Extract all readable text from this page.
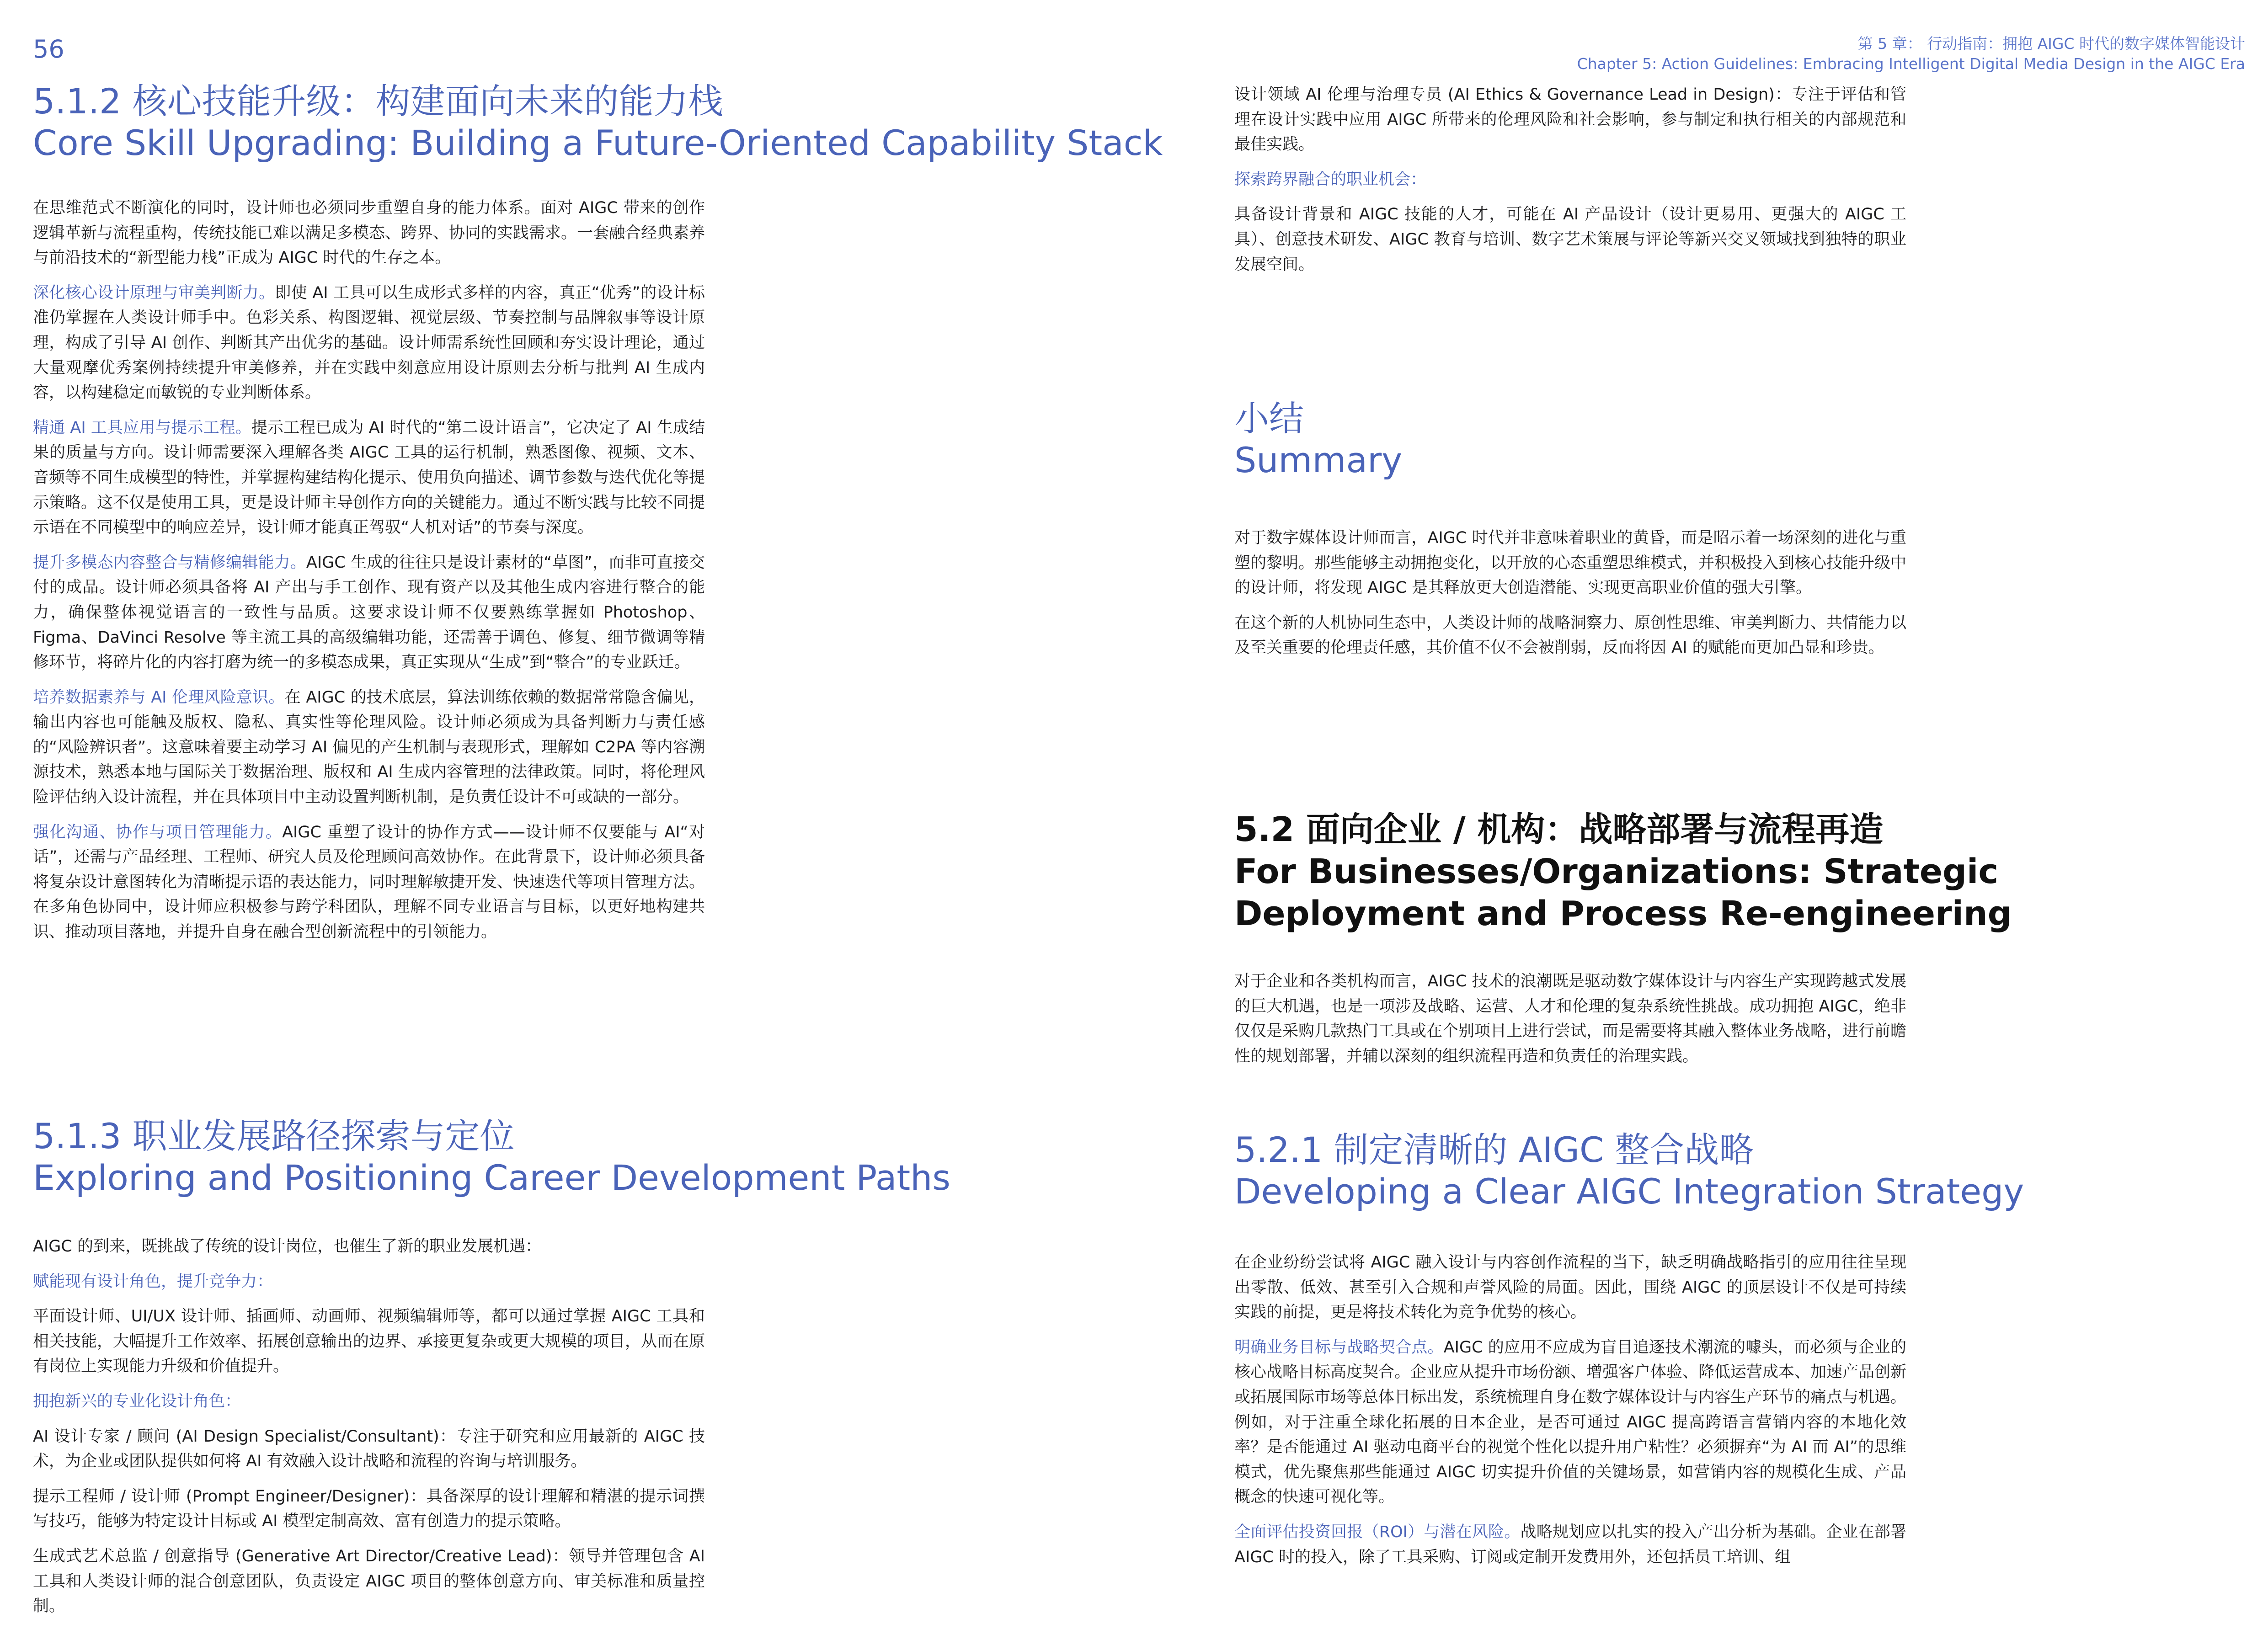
56	第 5 章： 行动指南：拥抱 AIGC 时代的数字媒体智能设计
Chapter 5: Action Guidelines: Embracing Intelligent Digital Media Design in the AIGC Era
5.1.2 核心技能升级：构建面向未来的能力栈
Core Skill Upgrading: Building a Future-Oriented Capability Stack

在思维范式不断演化的同时，设计师也必须同步重塑自身的能力体系。面对 AIGC 带来的创作逻辑革新与流程重构，传统技能已难以满足多模态、跨界、协同的实践需求。一套融合经典素养与前沿技术的“新型能力栈”正成为 AIGC 时代的生存之本。

深化核心设计原理与审美判断力。即使 AI 工具可以生成形式多样的内容，真正“优秀”的设计标准仍掌握在人类设计师手中。色彩关系、构图逻辑、视觉层级、节奏控制与品牌叙事等设计原理，构成了引导 AI 创作、判断其产出优劣的基础。设计师需系统性回顾和夯实设计理论，通过大量观摩优秀案例持续提升审美修养，并在实践中刻意应用设计原则去分析与批判 AI 生成内容，以构建稳定而敏锐的专业判断体系。

精通 AI 工具应用与提示工程。提示工程已成为 AI 时代的“第二设计语言”，它决定了 AI 生成结果的质量与方向。设计师需要深入理解各类 AIGC 工具的运行机制，熟悉图像、视频、文本、音频等不同生成模型的特性，并掌握构建结构化提示、使用负向描述、调节参数与迭代优化等提示策略。这不仅是使用工具，更是设计师主导创作方向的关键能力。通过不断实践与比较不同提示语在不同模型中的响应差异，设计师才能真正驾驭“人机对话”的节奏与深度。

提升多模态内容整合与精修编辑能力。AIGC 生成的往往只是设计素材的“草图”，而非可直接交付的成品。设计师必须具备将 AI 产出与手工创作、现有资产以及其他生成内容进行整合的能力，确保整体视觉语言的一致性与品质。这要求设计师不仅要熟练掌握如 Photoshop、Figma、DaVinci Resolve 等主流工具的高级编辑功能，还需善于调色、修复、细节微调等精修环节，将碎片化的内容打磨为统一的多模态成果，真正实现从“生成”到“整合”的专业跃迁。

培养数据素养与 AI 伦理风险意识。在 AIGC 的技术底层，算法训练依赖的数据常常隐含偏见，输出内容也可能触及版权、隐私、真实性等伦理风险。设计师必须成为具备判断力与责任感的“风险辨识者”。这意味着要主动学习 AI 偏见的产生机制与表现形式，理解如 C2PA 等内容溯源技术，熟悉本地与国际关于数据治理、版权和 AI 生成内容管理的法律政策。同时，将伦理风险评估纳入设计流程，并在具体项目中主动设置判断机制，是负责任设计不可或缺的一部分。

强化沟通、协作与项目管理能力。AIGC 重塑了设计的协作方式——设计师不仅要能与 AI“对话”，还需与产品经理、工程师、研究人员及伦理顾问高效协作。在此背景下，设计师必须具备将复杂设计意图转化为清晰提示语的表达能力，同时理解敏捷开发、快速迭代等项目管理方法。在多角色协同中，设计师应积极参与跨学科团队，理解不同专业语言与目标，以更好地构建共识、推动项目落地，并提升自身在融合型创新流程中的引领能力。

5.1.3 职业发展路径探索与定位
Exploring and Positioning Career Development Paths

AIGC 的到来，既挑战了传统的设计岗位，也催生了新的职业发展机遇：

赋能现有设计角色，提升竞争力：

平面设计师、UI/UX 设计师、插画师、动画师、视频编辑师等，都可以通过掌握 AIGC 工具和相关技能，大幅提升工作效率、拓展创意输出的边界、承接更复杂或更大规模的项目，从而在原有岗位上实现能力升级和价值提升。

拥抱新兴的专业化设计角色：

AI 设计专家 / 顾问 (AI Design Specialist/Consultant)：专注于研究和应用最新的 AIGC 技术，为企业或团队提供如何将 AI 有效融入设计战略和流程的咨询与培训服务。

提示工程师 / 设计师 (Prompt Engineer/Designer)：具备深厚的设计理解和精湛的提示词撰写技巧，能够为特定设计目标或 AI 模型定制高效、富有创造力的提示策略。

生成式艺术总监 / 创意指导 (Generative Art Director/Creative Lead)：领导并管理包含 AI 工具和人类设计师的混合创意团队，负责设定 AIGC 项目的整体创意方向、审美标准和质量控制。

设计领域 AI 伦理与治理专员 (AI Ethics & Governance Lead in Design)：专注于评估和管理在设计实践中应用 AIGC 所带来的伦理风险和社会影响，参与制定和执行相关的内部规范和最佳实践。

探索跨界融合的职业机会：

具备设计背景和 AIGC 技能的人才，可能在 AI 产品设计（设计更易用、更强大的 AIGC 工具）、创意技术研发、AIGC 教育与培训、数字艺术策展与评论等新兴交叉领域找到独特的职业发展空间。

小结
Summary

对于数字媒体设计师而言，AIGC 时代并非意味着职业的黄昏，而是昭示着一场深刻的进化与重塑的黎明。那些能够主动拥抱变化，以开放的心态重塑思维模式，并积极投入到核心技能升级中的设计师，将发现 AIGC 是其释放更大创造潜能、实现更高职业价值的强大引擎。

在这个新的人机协同生态中，人类设计师的战略洞察力、原创性思维、审美判断力、共情能力以及至关重要的伦理责任感，其价值不仅不会被削弱，反而将因 AI 的赋能而更加凸显和珍贵。

5.2 面向企业 / 机构：战略部署与流程再造
For Businesses/Organizations: Strategic Deployment and Process Re-engineering

对于企业和各类机构而言，AIGC 技术的浪潮既是驱动数字媒体设计与内容生产实现跨越式发展的巨大机遇，也是一项涉及战略、运营、人才和伦理的复杂系统性挑战。成功拥抱 AIGC，绝非仅仅是采购几款热门工具或在个别项目上进行尝试，而是需要将其融入整体业务战略，进行前瞻性的规划部署，并辅以深刻的组织流程再造和负责任的治理实践。

5.2.1 制定清晰的 AIGC 整合战略
Developing a Clear AIGC Integration Strategy

在企业纷纷尝试将 AIGC 融入设计与内容创作流程的当下，缺乏明确战略指引的应用往往呈现出零散、低效、甚至引入合规和声誉风险的局面。因此，围绕 AIGC 的顶层设计不仅是可持续实践的前提，更是将技术转化为竞争优势的核心。

明确业务目标与战略契合点。AIGC 的应用不应成为盲目追逐技术潮流的噱头，而必须与企业的核心战略目标高度契合。企业应从提升市场份额、增强客户体验、降低运营成本、加速产品创新或拓展国际市场等总体目标出发，系统梳理自身在数字媒体设计与内容生产环节的痛点与机遇。例如，对于注重全球化拓展的日本企业，是否可通过 AIGC 提高跨语言营销内容的本地化效率？是否能通过 AI 驱动电商平台的视觉个性化以提升用户粘性？必须摒弃“为 AI 而 AI”的思维模式，优先聚焦那些能通过 AIGC 切实提升价值的关键场景，如营销内容的规模化生成、产品概念的快速可视化等。

全面评估投资回报（ROI）与潜在风险。战略规划应以扎实的投入产出分析为基础。企业在部署 AIGC 时的投入，除了工具采购、订阅或定制开发费用外，还包括员工培训、组
